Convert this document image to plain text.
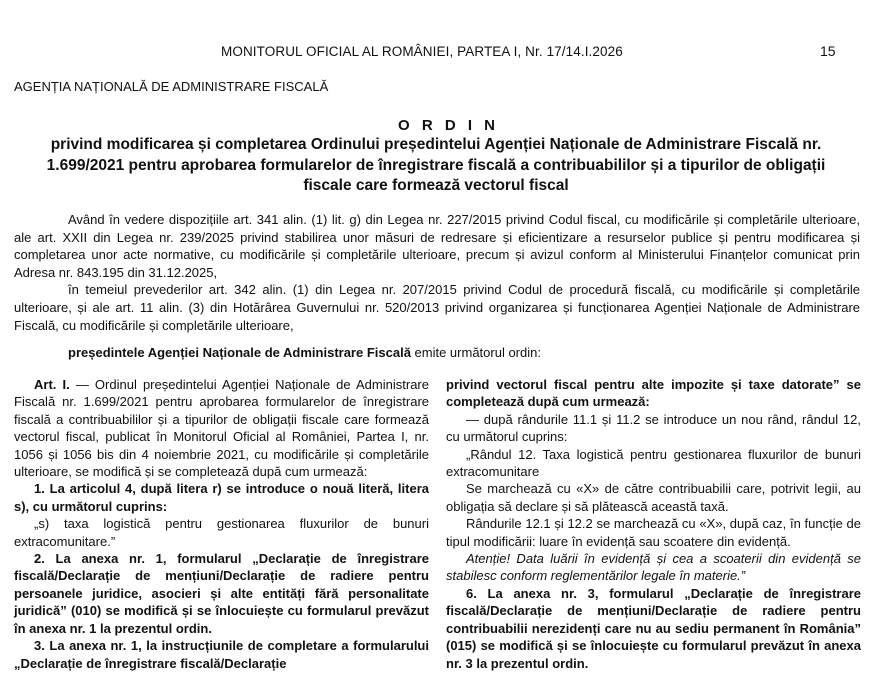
MONITORUL OFICIAL AL ROMÂNIEI, PARTEA I, Nr. 17/14.I.2026	15
AGENȚIA NAȚIONALĂ DE ADMINISTRARE FISCALĂ
O R D I N
privind modificarea și completarea Ordinului președintelui Agenției Naționale de Administrare Fiscală nr. 1.699/2021 pentru aprobarea formularelor de înregistrare fiscală a contribuabililor și a tipurilor de obligații fiscale care formează vectorul fiscal

Având în vedere dispozițiile art. 341 alin. (1) lit. g) din Legea nr. 227/2015 privind Codul fiscal, cu modificările și completările ulterioare, ale art. XXII din Legea nr. 239/2025 privind stabilirea unor măsuri de redresare și eficientizare a resurselor publice și pentru modificarea și completarea unor acte normative, cu modificările și completările ulterioare, precum și avizul conform al Ministerului Finanțelor comunicat prin Adresa nr. 843.195 din 31.12.2025,

în temeiul prevederilor art. 342 alin. (1) din Legea nr. 207/2015 privind Codul de procedură fiscală, cu modificările și completările ulterioare, și ale art. 11 alin. (3) din Hotărârea Guvernului nr. 520/2013 privind organizarea și funcționarea Agenției Naționale de Administrare Fiscală, cu modificările și completările ulterioare,

președintele Agenției Naționale de Administrare Fiscală emite următorul ordin:

Art. I. — Ordinul președintelui Agenției Naționale de Administrare Fiscală nr. 1.699/2021 pentru aprobarea formularelor de înregistrare fiscală a contribuabililor și a tipurilor de obligații fiscale care formează vectorul fiscal, publicat în Monitorul Oficial al României, Partea I, nr. 1056 și 1056 bis din 4 noiembrie 2021, cu modificările și completările ulterioare, se modifică și se completează după cum urmează:

1. La articolul 4, după litera r) se introduce o nouă literă, litera s), cu următorul cuprins:

„s) taxa logistică pentru gestionarea fluxurilor de bunuri extracomunitare.”

2. La anexa nr. 1, formularul „Declarație de înregistrare fiscală/Declarație de mențiuni/Declarație de radiere pentru persoanele juridice, asocieri și alte entități fără personalitate juridică” (010) se modifică și se înlocuiește cu formularul prevăzut în anexa nr. 1 la prezentul ordin.

3. La anexa nr. 1, la instrucțiunile de completare a formularului „Declarație de înregistrare fiscală/Declarație

privind vectorul fiscal pentru alte impozite și taxe datorate” se completează după cum urmează:

— după rândurile 11.1 și 11.2 se introduce un nou rând, rândul 12, cu următorul cuprins:

„Rândul 12. Taxa logistică pentru gestionarea fluxurilor de bunuri extracomunitare

Se marchează cu «X» de către contribuabilii care, potrivit legii, au obligația să declare și să plătească această taxă.

Rândurile 12.1 și 12.2 se marchează cu «X», după caz, în funcție de tipul modificării: luare în evidență sau scoatere din evidență.

Atenție! Data luării în evidență și cea a scoaterii din evidență se stabilesc conform reglementărilor legale în materie.”

6. La anexa nr. 3, formularul „Declarație de înregistrare fiscală/Declarație de mențiuni/Declarație de radiere pentru contribuabilii nerezidenți care nu au sediu permanent în România” (015) se modifică și se înlocuiește cu formularul prevăzut în anexa nr. 3 la prezentul ordin.
